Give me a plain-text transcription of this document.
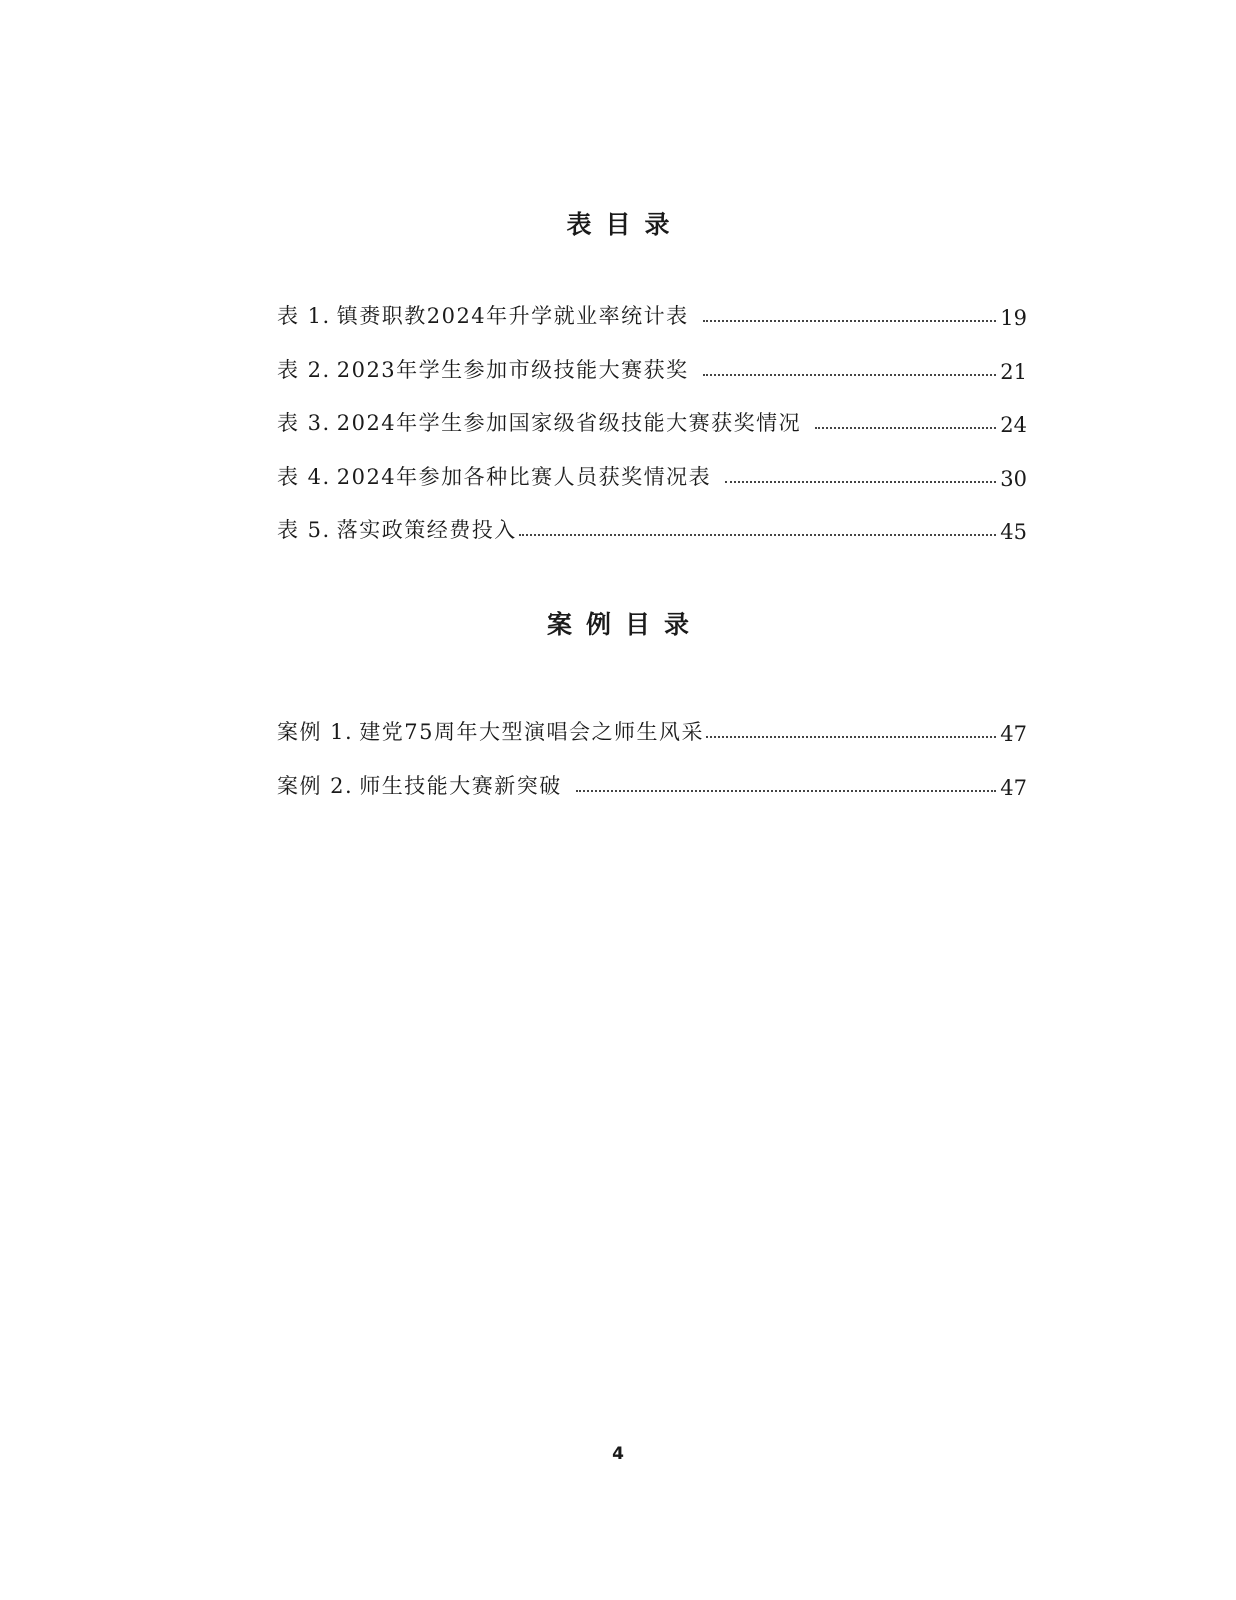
表目录
表 1. 镇赉职教2024年升学就业率统计表	19
表 2. 2023年学生参加市级技能大赛获奖	21
表 3. 2024年学生参加国家级省级技能大赛获奖情况	24
表 4. 2024年参加各种比赛人员获奖情况表	30
表 5. 落实政策经费投入	45
案例目录
案例 1. 建党75周年大型演唱会之师生风采	47
案例 2. 师生技能大赛新突破	47
4
